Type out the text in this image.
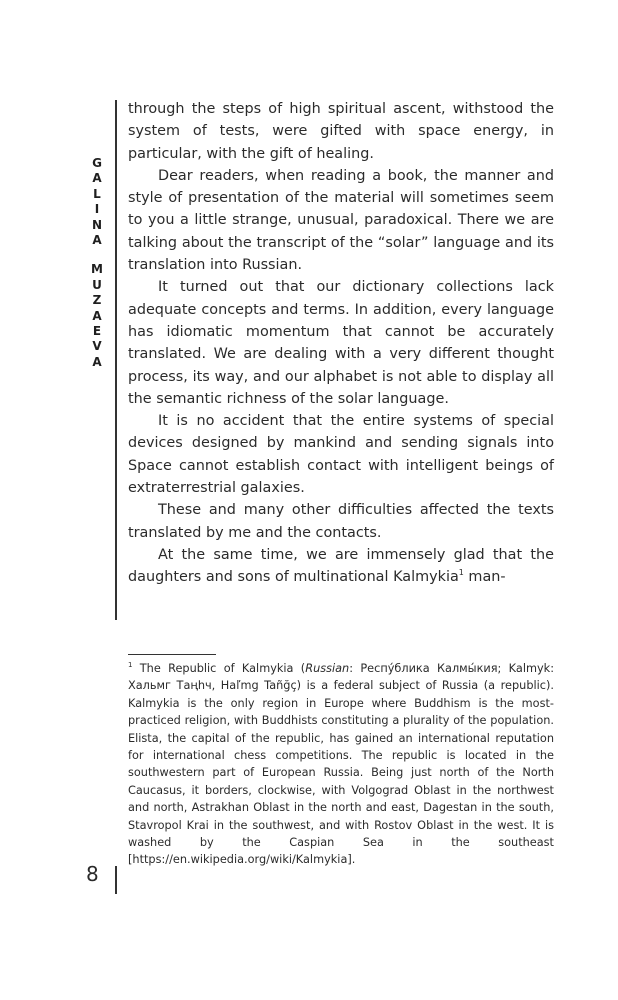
G
A
L
I
N
A
M
U
Z
A
E
V
A
8

through the steps of high spiritual ascent, withstood the system of tests, were gifted with space energy, in particular, with the gift of healing.

Dear readers, when reading a book, the manner and style of presentation of the material will sometimes seem to you a little strange, unusual, paradoxical. There we are talking about the transcript of the “solar” language and its translation into Russian.

It turned out that our dictionary collections lack adequate concepts and terms. In addition, every language has idiomatic momentum that cannot be accurately translated. We are dealing with a very different thought process, its way, and our alphabet is not able to display all the semantic richness of the solar language.

It is no accident that the entire systems of special devices designed by mankind and sending signals into Space cannot establish contact with intelligent beings of extraterrestrial galaxies.

These and many other difficulties affected the texts translated by me and the contacts.

At the same time, we are immensely glad that the daughters and sons of multinational Kalmykia$^1$ man-

$^1$ The Republic of Kalmykia (Russian: Респу́блика Калмы́кия; Kalmyk: Хальмг Таңһч, Haľmg Tañğç) is a federal subject of Russia (a republic). Kalmykia is the only region in Europe where Buddhism is the most-practiced religion, with Buddhists constituting a plurality of the population. Elista, the capital of the republic, has gained an international reputation for international chess competitions. The republic is located in the southwestern part of European Russia. Being just north of the North Caucasus, it borders, clockwise, with Volgograd Oblast in the northwest and north, Astrakhan Oblast in the north and east, Dagestan in the south, Stavropol Krai in the southwest, and with Rostov Oblast in the west. It is washed by the Caspian Sea in the southeast [https://en.wikipedia.org/wiki/Kalmykia].
